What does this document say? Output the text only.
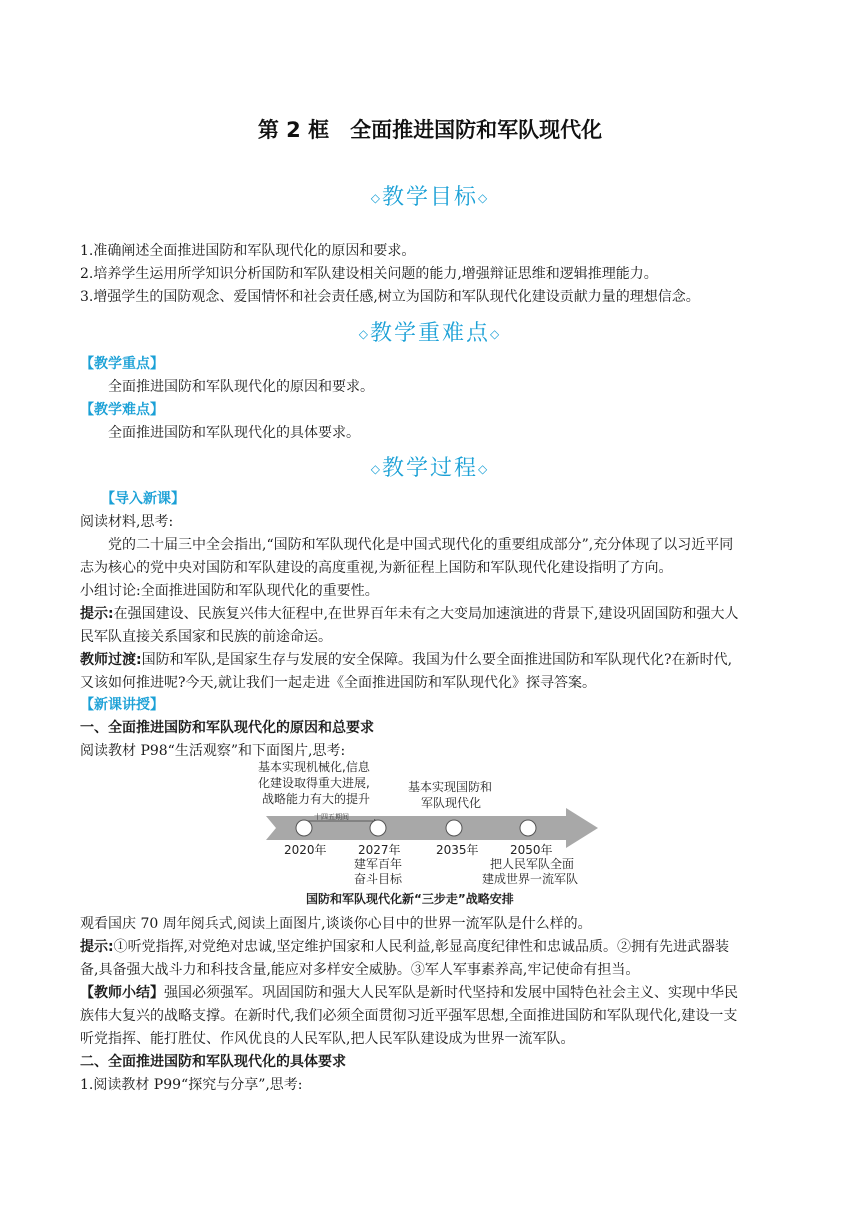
第 2 框　全面推进国防和军队现代化
◇教学目标◇
1.准确阐述全面推进国防和军队现代化的原因和要求。
2.培养学生运用所学知识分析国防和军队建设相关问题的能力,增强辩证思维和逻辑推理能力。
3.增强学生的国防观念、爱国情怀和社会责任感,树立为国防和军队现代化建设贡献力量的理想信念。
◇教学重难点◇
【教学重点】
全面推进国防和军队现代化的原因和要求。
【教学难点】
全面推进国防和军队现代化的具体要求。
◇教学过程◇
【导入新课】
阅读材料,思考:
党的二十届三中全会指出,“国防和军队现代化是中国式现代化的重要组成部分”,充分体现了以习近平同
志为核心的党中央对国防和军队建设的高度重视,为新征程上国防和军队现代化建设指明了方向。
小组讨论:全面推进国防和军队现代化的重要性。
提示:在强国建设、民族复兴伟大征程中,在世界百年未有之大变局加速演进的背景下,建设巩固国防和强大人
民军队直接关系国家和民族的前途命运。
教师过渡:国防和军队,是国家生存与发展的安全保障。我国为什么要全面推进国防和军队现代化?在新时代,
又该如何推进呢?今天,就让我们一起走进《全面推进国防和军队现代化》探寻答案。
【新课讲授】
一、全面推进国防和军队现代化的原因和总要求
阅读教材 P98“生活观察”和下面图片,思考:
基本实现机械化,信息
化建设取得重大进展,
战略能力有大的提升
基本实现国防和
军队现代化
十四五期间
2020年	2027年	2035年	2050年
建军百年
奋斗目标
把人民军队全面
建成世界一流军队
国防和军队现代化新“三步走”战略安排
观看国庆 70 周年阅兵式,阅读上面图片,谈谈你心目中的世界一流军队是什么样的。
提示:①听党指挥,对党绝对忠诚,坚定维护国家和人民利益,彰显高度纪律性和忠诚品质。②拥有先进武器装
备,具备强大战斗力和科技含量,能应对多样安全威胁。③军人军事素养高,牢记使命有担当。
【教师小结】强国必须强军。巩固国防和强大人民军队是新时代坚持和发展中国特色社会主义、实现中华民
族伟大复兴的战略支撑。在新时代,我们必须全面贯彻习近平强军思想,全面推进国防和军队现代化,建设一支
听党指挥、能打胜仗、作风优良的人民军队,把人民军队建设成为世界一流军队。
二、全面推进国防和军队现代化的具体要求
1.阅读教材 P99“探究与分享”,思考:
